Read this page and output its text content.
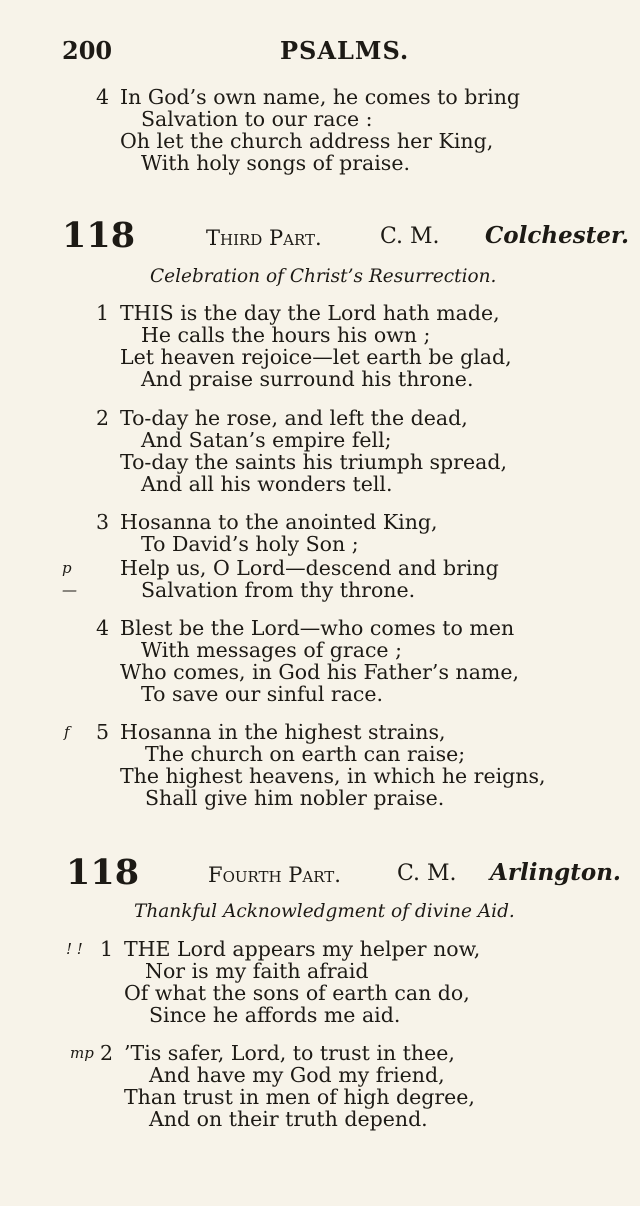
200	PSALMS.
4 In God’s own name, he comes to bring
Salvation to our race :
Oh let the church address her King,
With holy songs of praise.
118	Third Part.	C. M. Colchester.
Celebration of Christ’s Resurrection.
1 THIS is the day the Lord hath made,
He calls the hours his own ;
Let heaven rejoice—let earth be glad,
And praise surround his throne.
2 To-day he rose, and left the dead,
And Satan’s empire fell;
To-day the saints his triumph spread,
And all his wonders tell.
3
p
—
Hosanna to the anointed King,
To David’s holy Son ;
Help us, O Lord—descend and bring
Salvation from thy throne.
4 Blest be the Lord—who comes to men
With messages of grace ;
Who comes, in God his Father’s name,
To save our sinful race.
f 5 Hosanna in the highest strains,
The church on earth can raise;
The highest heavens, in which he reigns,
Shall give him nobler praise.
118	Fourth Part.	C. M. Arlington.
Thankful Acknowledgment of divine Aid.
! ! 1 THE Lord appears my helper now,
Nor is my faith afraid
Of what the sons of earth can do,
Since he affords me aid.
mp 2 ’Tis safer, Lord, to trust in thee,
And have my God my friend,
Than trust in men of high degree,
And on their truth depend.
